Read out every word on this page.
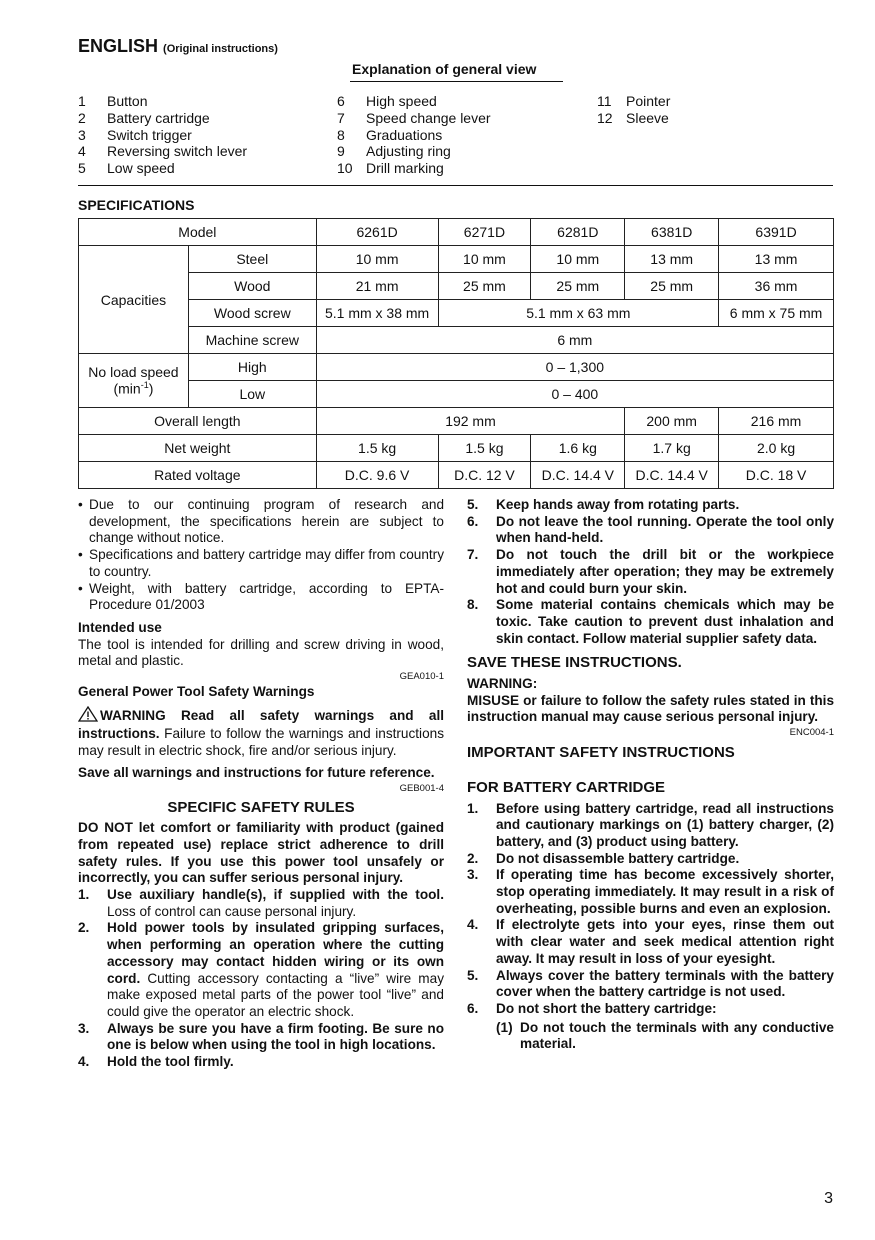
ENGLISH (Original instructions)
Explanation of general view
1	Button
2	Battery cartridge
3	Switch trigger
4	Reversing switch lever
5	Low speed
6	High speed
7	Speed change lever
8	Graduations
9	Adjusting ring
10 Drill marking
11	Pointer
12 Sleeve
SPECIFICATIONS
Model		6261D	6271D	6281D	6381D	6391D
Capacities	Steel	10 mm	10 mm	10 mm	13 mm	13 mm
	Wood	21 mm	25 mm	25 mm	25 mm	36 mm
	Wood screw	5.1 mm x 38 mm	5.1 mm x 63 mm			6 mm x 75 mm
	Machine screw	6 mm				

No load speed
$(\min^{-1})$	High	0 – 1,300				
	Low	0 – 400				
Overall length		192 mm			200 mm	216 mm
Net weight		1.5 kg	1.5 kg	1.6 kg	1.7 kg	2.0 kg
Rated voltage		D.C. 9.6 V	D.C. 12 V	D.C. 14.4 V	D.C. 14.4 V	D.C. 18 V
• Due to our continuing program of research and development, the specifications herein are subject to change without notice.
• Specifications and battery cartridge may differ from country to country.
• Weight, with battery cartridge, according to EPTA-Procedure 01/2003
Intended use
The tool is intended for drilling and screw driving in wood, metal and plastic.
GEA010-1
General Power Tool Safety Warnings
WARNING Read all safety warnings and all instructions. Failure to follow the warnings and instructions may result in electric shock, fire and/or serious injury.
Save all warnings and instructions for future reference.
GEB001-4
SPECIFIC SAFETY RULES
DO NOT let comfort or familiarity with product (gained from repeated use) replace strict adherence to drill safety rules. If you use this power tool unsafely or incorrectly, you can suffer serious personal injury.
1.	Use auxiliary handle(s), if supplied with the tool. Loss of control can cause personal injury.
2.	Hold power tools by insulated gripping surfaces, when performing an operation where the cutting accessory may contact hidden wiring or its own cord. Cutting accessory contacting a “live” wire may make exposed metal parts of the power tool “live” and could give the operator an electric shock.
3.	Always be sure you have a firm footing. Be sure no one is below when using the tool in high locations.
4.	Hold the tool firmly.
5.	Keep hands away from rotating parts.
6.	Do not leave the tool running. Operate the tool only when hand-held.
7.	Do not touch the drill bit or the workpiece immediately after operation; they may be extremely hot and could burn your skin.
8.	Some material contains chemicals which may be toxic. Take caution to prevent dust inhalation and skin contact. Follow material supplier safety data.
SAVE THESE INSTRUCTIONS.
WARNING:
MISUSE or failure to follow the safety rules stated in this instruction manual may cause serious personal injury.
ENC004-1
IMPORTANT SAFETY INSTRUCTIONS
FOR BATTERY CARTRIDGE
1.	Before using battery cartridge, read all instructions and cautionary markings on (1) battery charger, (2) battery, and (3) product using battery.
2.	Do not disassemble battery cartridge.
3.	If operating time has become excessively shorter, stop operating immediately. It may result in a risk of overheating, possible burns and even an explosion.
4.	If electrolyte gets into your eyes, rinse them out with clear water and seek medical attention right away. It may result in loss of your eyesight.
5.	Always cover the battery terminals with the battery cover when the battery cartridge is not used.
6.	Do not short the battery cartridge:
(1) Do not touch the terminals with any conductive material.
3
